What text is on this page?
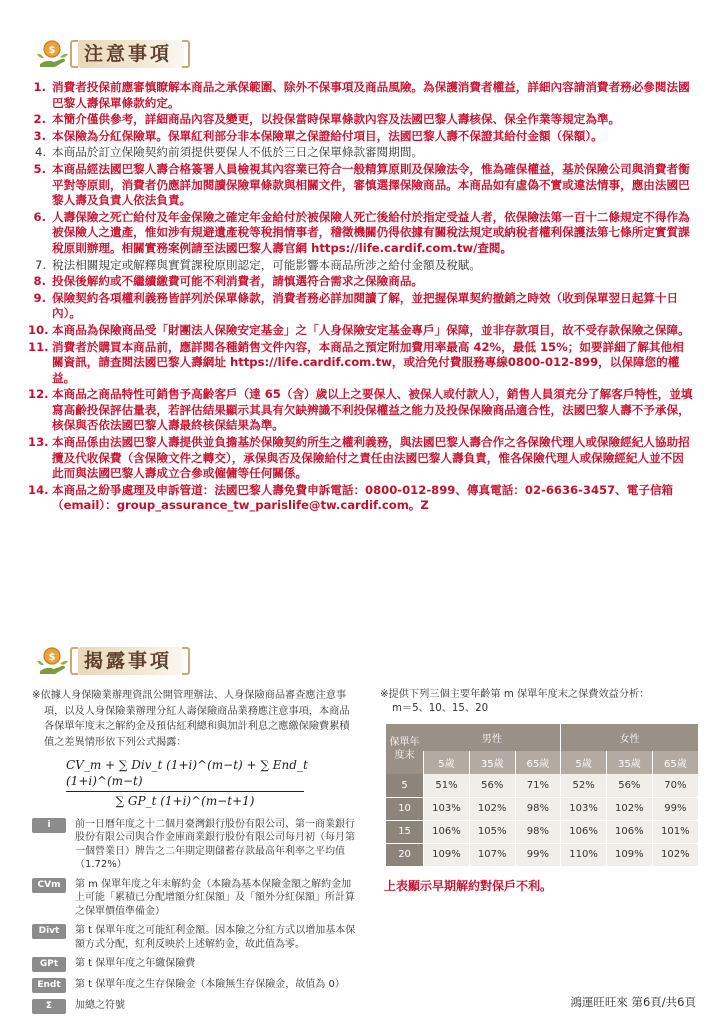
$	注意事項
1. 消費者投保前應審慎瞭解本商品之承保範圍、除外不保事項及商品風險。為保護消費者權益，詳細內容請消費者務必參閱法國巴黎人壽保單條款約定。
2. 本簡介僅供參考，詳細商品內容及變更，以投保當時保單條款內容及法國巴黎人壽核保、保全作業等規定為準。
3. 本保險為分紅保險單。保單紅利部分非本保險單之保證給付項目，法國巴黎人壽不保證其給付金額（保額）。
4. 本商品於訂立保險契約前須提供要保人不低於三日之保單條款審閱期間。
5. 本商品經法國巴黎人壽合格簽署人員檢視其內容業已符合一般精算原則及保險法令，惟為確保權益，基於保險公司與消費者衡平對等原則，消費者仍應詳加閱讀保險單條款與相關文件，審慎選擇保險商品。本商品如有虛偽不實或違法情事，應由法國巴黎人壽及負責人依法負責。
6. 人壽保險之死亡給付及年金保險之確定年金給付於被保險人死亡後給付於指定受益人者，依保險法第一百十二條規定不得作為被保險人之遺產，惟如涉有規避遺產稅等稅捐情事者，稽徵機關仍得依據有關稅法規定或納稅者權利保護法第七條所定實質課稅原則辦理。相關實務案例請至法國巴黎人壽官網 https://life.cardif.com.tw/查閱。
7. 稅法相關規定或解釋與實質課稅原則認定，可能影響本商品所涉之給付金額及稅賦。
8. 投保後解約或不繼續繳費可能不利消費者，請慎選符合需求之保險商品。
9. 保險契約各項權利義務皆詳列於保單條款，消費者務必詳加閱讀了解，並把握保單契約撤銷之時效（收到保單翌日起算十日內）。
10. 本商品為保險商品受「財團法人保險安定基金」之「人身保險安定基金專戶」保障，並非存款項目，故不受存款保險之保障。
11. 消費者於購買本商品前，應詳閱各種銷售文件內容，本商品之預定附加費用率最高 42%，最低 15%；如要詳細了解其他相關資訊，請查閱法國巴黎人壽網址 https://life.cardif.com.tw，或洽免付費服務專線0800-012-899，以保障您的權益。
12. 本商品之商品特性可銷售予高齡客戶（達 65（含）歲以上之要保人、被保人或付款人），銷售人員須充分了解客戶特性，並填寫高齡投保評估量表，若評估結果顯示其具有欠缺辨識不利投保權益之能力及投保保險商品適合性，法國巴黎人壽不予承保，核保與否依法國巴黎人壽最終核保結果為準。
13. 本商品係由法國巴黎人壽提供並負擔基於保險契約所生之權利義務，與法國巴黎人壽合作之各保險代理人或保險經紀人協助招攬及代收保費（含保險文件之轉交），承保與否及保險給付之責任由法國巴黎人壽負責，惟各保險代理人或保險經紀人並不因此而與法國巴黎人壽成立合參或僱傭等任何關係。
14. 本商品之紛爭處理及申訴管道：法國巴黎人壽免費申訴電話：0800-012-899、傳真電話：02-6636-3457、電子信箱（email）：group_assurance_tw_parislife@tw.cardif.com。Z
$	揭露事項

※依據人身保險業辦理資訊公開管理辦法、人身保險商品審查應注意事項，以及人身保險業辦理分紅人壽保險商品業務應注意事項，本商品各保單年度末之解約金及預估紅利總和與加計利息之應繳保險費累積值之差異情形依下列公式揭露：

CV_m + ∑ Div_t (1+i)^(m−t) + ∑ End_t (1+i)^(m−t)
∑ GP_t (1+i)^(m−t+1)
i	前一日曆年度之十二個月臺灣銀行股份有限公司、第一商業銀行股份有限公司與合作金庫商業銀行股份有限公司每月初（每月第一個營業日）牌告之二年期定期儲蓄存款最高年利率之平均值（1.72%）
CVm	第 m 保單年度之年末解約金（本險為基本保險金額之解約金加上可能「累積已分配增額分紅保額」及「額外分紅保額」所計算之保單價值準備金）
Divt	第 t 保單年度之可能紅利金額。因本險之分紅方式以增加基本保額方式分配，紅利反映於上述解約金，故此值為零。
GPt	第 t 保單年度之年繳保險費
Endt	第 t 保單年度之生存保險金（本險無生存保險金，故值為 0）
Σ	加總之符號

※提供下列三個主要年齡第 m 保單年度末之保費效益分析：

m＝5、10、15、20

保單年度末	男性			女性		
	5歲	35歲	65歲	5歲	35歲	65歲
5	51%	56%	71%	52%	56%	70%
10	103%	102%	98%	103%	102%	99%
15	106%	105%	98%	106%	106%	101%
20	109%	107%	99%	110%	109%	102%

上表顯示早期解約對保戶不利。

鴻運旺旺來 第6頁/共6頁
